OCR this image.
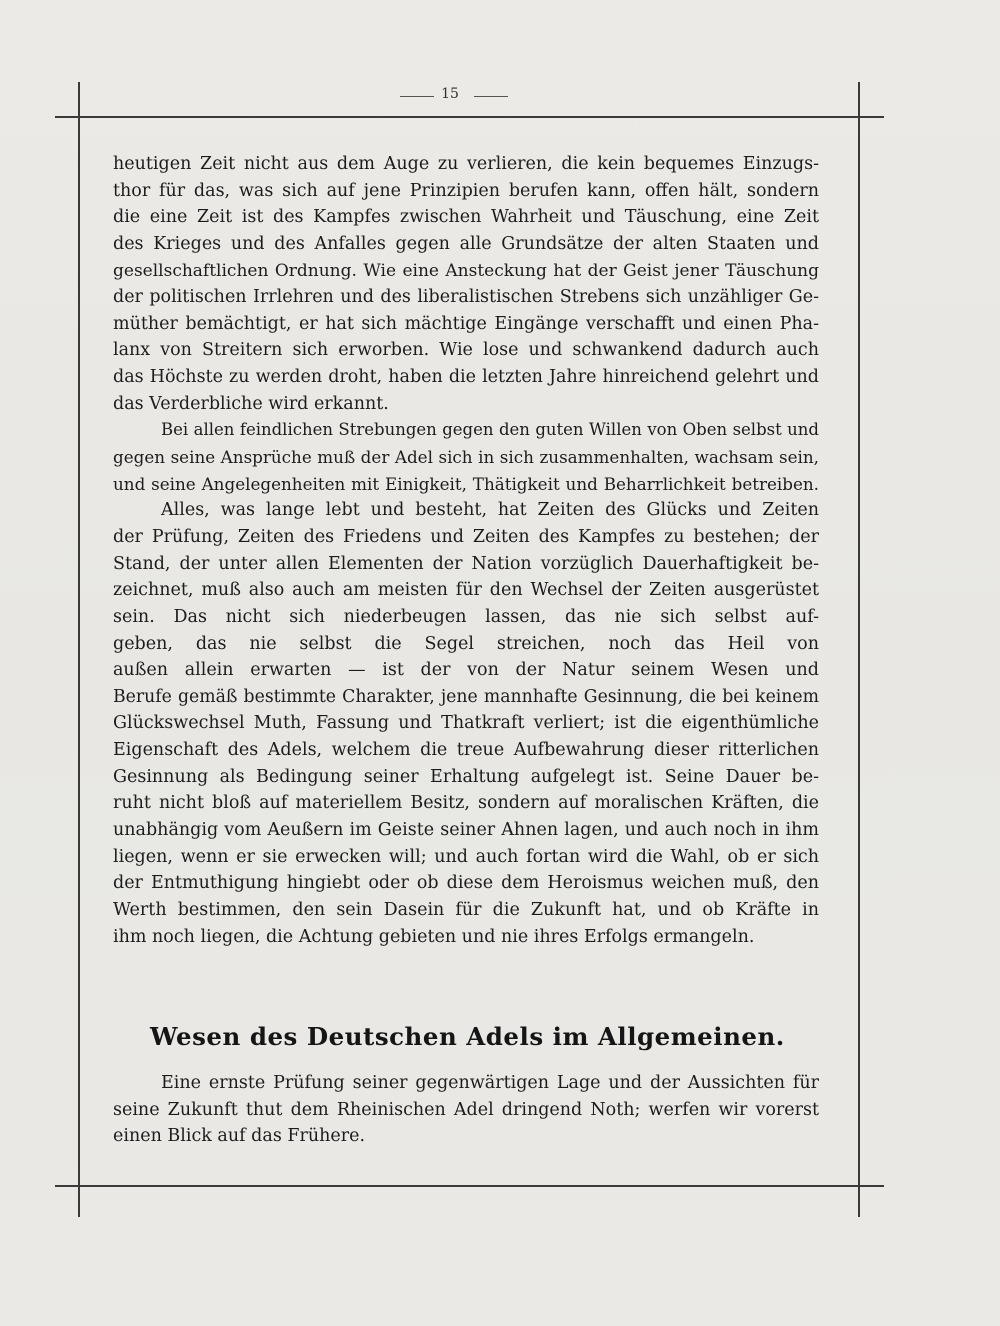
15
heutigen Zeit nicht aus dem Auge zu verlieren, die kein bequemes Einzugs-
thor für das, was sich auf jene Prinzipien berufen kann, offen hält, sondern
die eine Zeit ist des Kampfes zwischen Wahrheit und Täuschung, eine Zeit
des Krieges und des Anfalles gegen alle Grundsätze der alten Staaten und
gesellschaftlichen Ordnung. Wie eine Ansteckung hat der Geist jener Täuschung
der politischen Irrlehren und des liberalistischen Strebens sich unzähliger Ge-
müther bemächtigt, er hat sich mächtige Eingänge verschafft und einen Pha-
lanx von Streitern sich erworben. Wie lose und schwankend dadurch auch
das Höchste zu werden droht, haben die letzten Jahre hinreichend gelehrt und
das Verderbliche wird erkannt.
Bei allen feindlichen Strebungen gegen den guten Willen von Oben selbst und
gegen seine Ansprüche muß der Adel sich in sich zusammenhalten, wachsam sein,
und seine Angelegenheiten mit Einigkeit, Thätigkeit und Beharrlichkeit betreiben.
Alles, was lange lebt und besteht, hat Zeiten des Glücks und Zeiten
der Prüfung, Zeiten des Friedens und Zeiten des Kampfes zu bestehen; der
Stand, der unter allen Elementen der Nation vorzüglich Dauerhaftigkeit be-
zeichnet, muß also auch am meisten für den Wechsel der Zeiten ausgerüstet
sein. Das nicht sich niederbeugen lassen, das nie sich selbst auf-
geben, das nie selbst die Segel streichen, noch das Heil von
außen allein erwarten — ist der von der Natur seinem Wesen und
Berufe gemäß bestimmte Charakter, jene mannhafte Gesinnung, die bei keinem
Glückswechsel Muth, Fassung und Thatkraft verliert; ist die eigenthümliche
Eigenschaft des Adels, welchem die treue Aufbewahrung dieser ritterlichen
Gesinnung als Bedingung seiner Erhaltung aufgelegt ist. Seine Dauer be-
ruht nicht bloß auf materiellem Besitz, sondern auf moralischen Kräften, die
unabhängig vom Aeußern im Geiste seiner Ahnen lagen, und auch noch in ihm
liegen, wenn er sie erwecken will; und auch fortan wird die Wahl, ob er sich
der Entmuthigung hingiebt oder ob diese dem Heroismus weichen muß, den
Werth bestimmen, den sein Dasein für die Zukunft hat, und ob Kräfte in
ihm noch liegen, die Achtung gebieten und nie ihres Erfolgs ermangeln.
Wesen des Deutschen Adels im Allgemeinen.
Eine ernste Prüfung seiner gegenwärtigen Lage und der Aussichten für
seine Zukunft thut dem Rheinischen Adel dringend Noth; werfen wir vorerst
einen Blick auf das Frühere.
